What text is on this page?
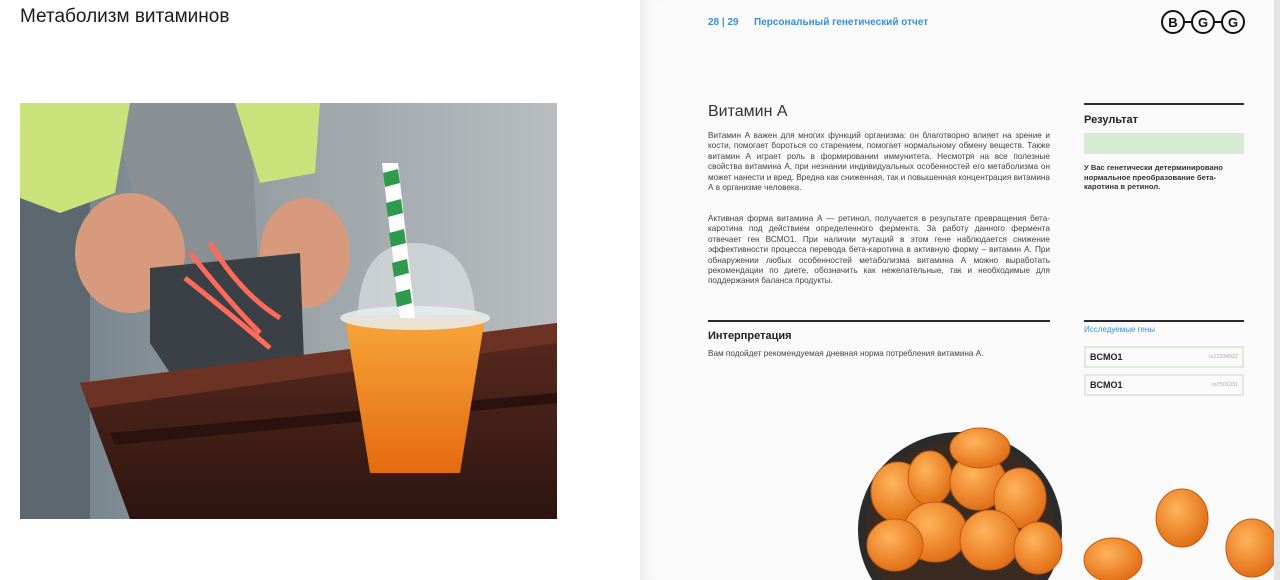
Метаболизм витаминов	28 | 29 Персональный генетический отчет	B G G
Витамин А

Витамин А важен для многих функций организма: он благотворно влияет на зрение и кости, помогает бороться со старением, помогает нормальному обмену веществ. Также витамин А играет роль в формировании иммунитета. Несмотря на все полезные свойства витамина А, при незнании индивидуальных особенностей его метаболизма он может нанести и вред. Вредна как сниженная, так и повышенная концентрация витамина А в организме человека.

Активная форма витамина А — ретинол, получается в результате превращения бета-каротина под действием определенного фермента. За работу данного фермента отвечает ген ВСМО1. При наличии мутаций в этом гене наблюдается снижение эффективности процесса перевода бета-каротина в активную форму – витамин А. При обнаружении любых особенностей метаболизма витамина А можно выработать рекомендации по диете, обозначить как нежелательные, так и необходимые для поддержания баланса продукты.

Интерпретация
Вам подойдет рекомендуемая дневная норма потребления витамина А.
Результат

У Вас генетически детерминировано нормальное преобразование бета-каротина в ретинол.

Исследуемые гены
BCMO1	rs12934922
BCMO1	rs7501331
